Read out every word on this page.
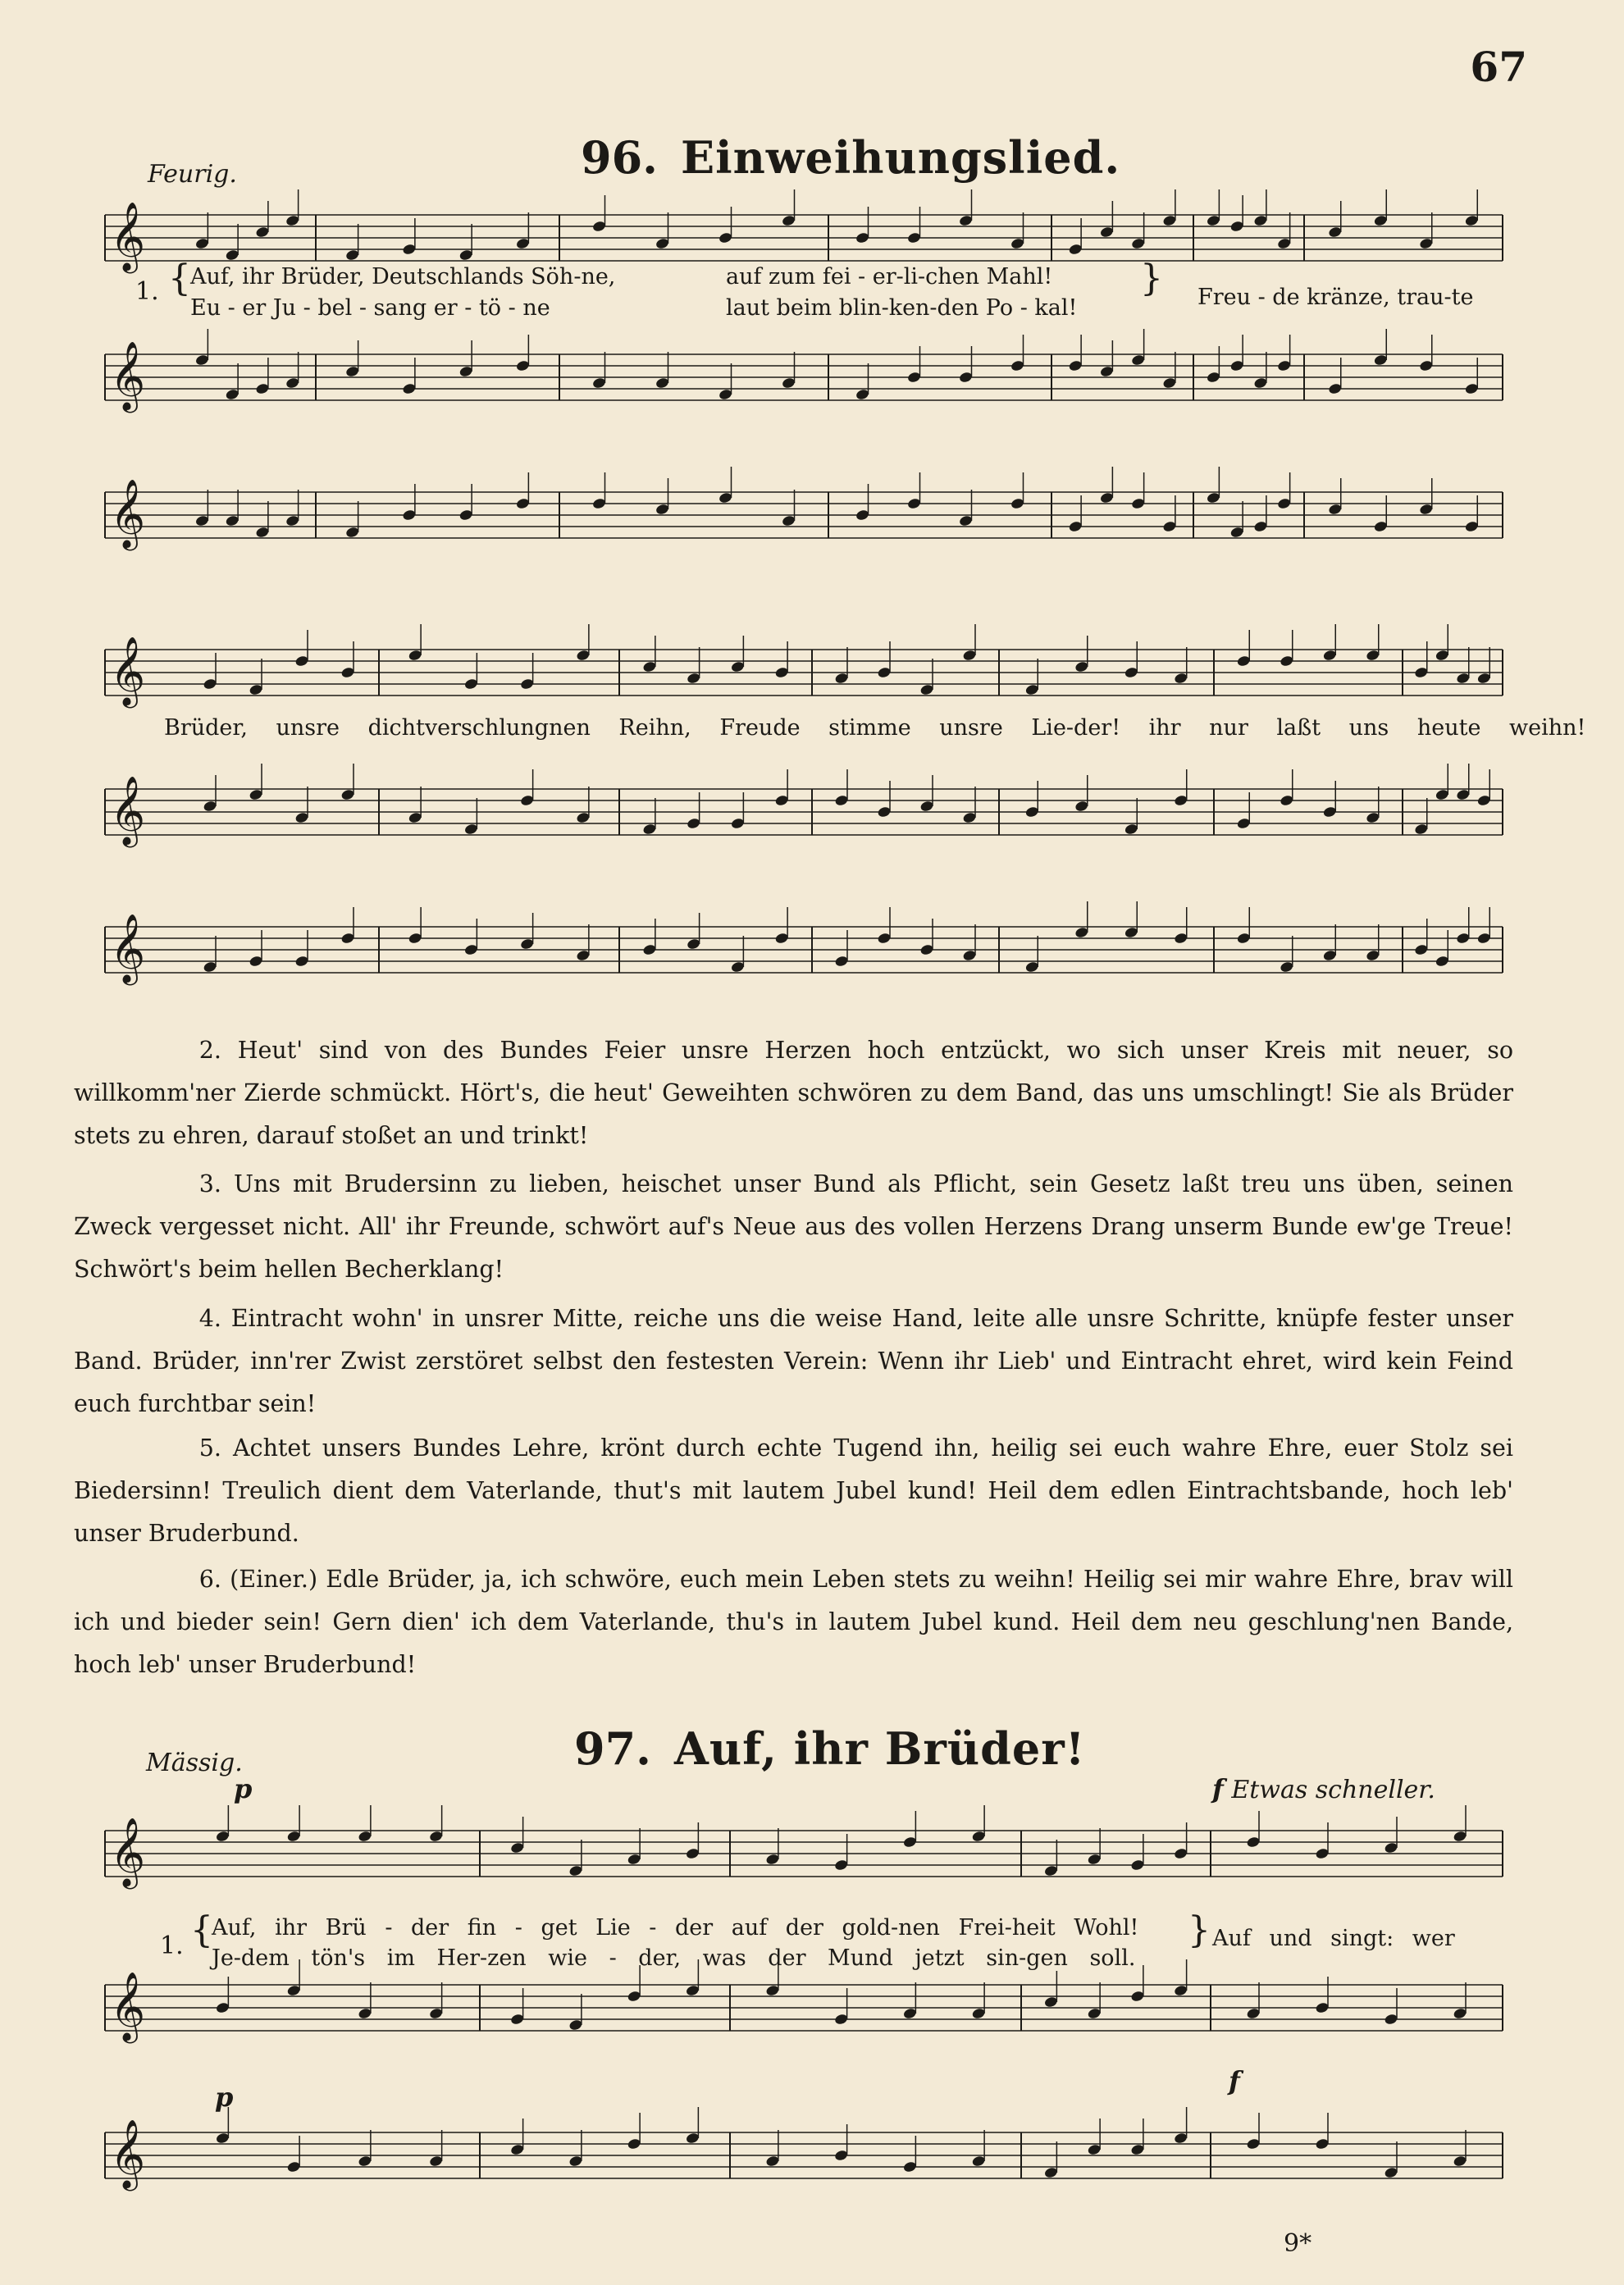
67
Feurig.	96. Einweihungslied.
𝄞
𝄞
𝄞
𝄞
𝄞
𝄞
𝄞
𝄞
𝄞
1. { Auf, ihr Brüder, Deutschlands Söh-ne,	auf zum fei - er-li-chen Mahl!
Eu - er Ju - bel - sang er - tö - ne	laut beim blin-ken-den Po - kal!
} Freu - de kränze, trau-te
Brüder, unsre dichtverschlungnen Reihn, Freude stimme unsre Lie-der! ihr nur laßt uns heute weihn!
2. Heut' sind von des Bundes Feier unsre Herzen hoch entzückt, wo sich unser Kreis mit neuer, so willkomm'ner Zierde schmückt. Hört's, die heut' Geweihten schwören zu dem Band, das uns umschlingt! Sie als Brüder stets zu ehren, darauf stoßet an und trinkt!
3. Uns mit Brudersinn zu lieben, heischet unser Bund als Pflicht, sein Gesetz laßt treu uns üben, seinen Zweck vergesset nicht. All' ihr Freunde, schwört auf's Neue aus des vollen Herzens Drang unserm Bunde ew'ge Treue! Schwört's beim hellen Becherklang!
4. Eintracht wohn' in unsrer Mitte, reiche uns die weise Hand, leite alle unsre Schritte, knüpfe fester unser Band. Brüder, inn'rer Zwist zerstöret selbst den festesten Verein: Wenn ihr Lieb' und Eintracht ehret, wird kein Feind euch furchtbar sein!
5. Achtet unsers Bundes Lehre, krönt durch echte Tugend ihn, heilig sei euch wahre Ehre, euer Stolz sei Biedersinn! Treulich dient dem Vaterlande, thut's mit lautem Jubel kund! Heil dem edlen Eintrachtsbande, hoch leb' unser Bruderbund.
6. (Einer.) Edle Brüder, ja, ich schwöre, euch mein Leben stets zu weihn! Heilig sei mir wahre Ehre, brav will ich und bieder sein! Gern dien' ich dem Vaterlande, thu's in lautem Jubel kund. Heil dem neu geschlung'nen Bande, hoch leb' unser Bruderbund!
Mässig.	97. Auf, ihr Brüder!
p	f Etwas schneller.
1. {
Auf, ihr Brü - der fin - get Lie - der auf der gold-nen Frei-heit Wohl!
Je-dem tön's im Her-zen wie - der, was der Mund jetzt sin-gen soll.
} Auf und singt: wer
p
f
9*
